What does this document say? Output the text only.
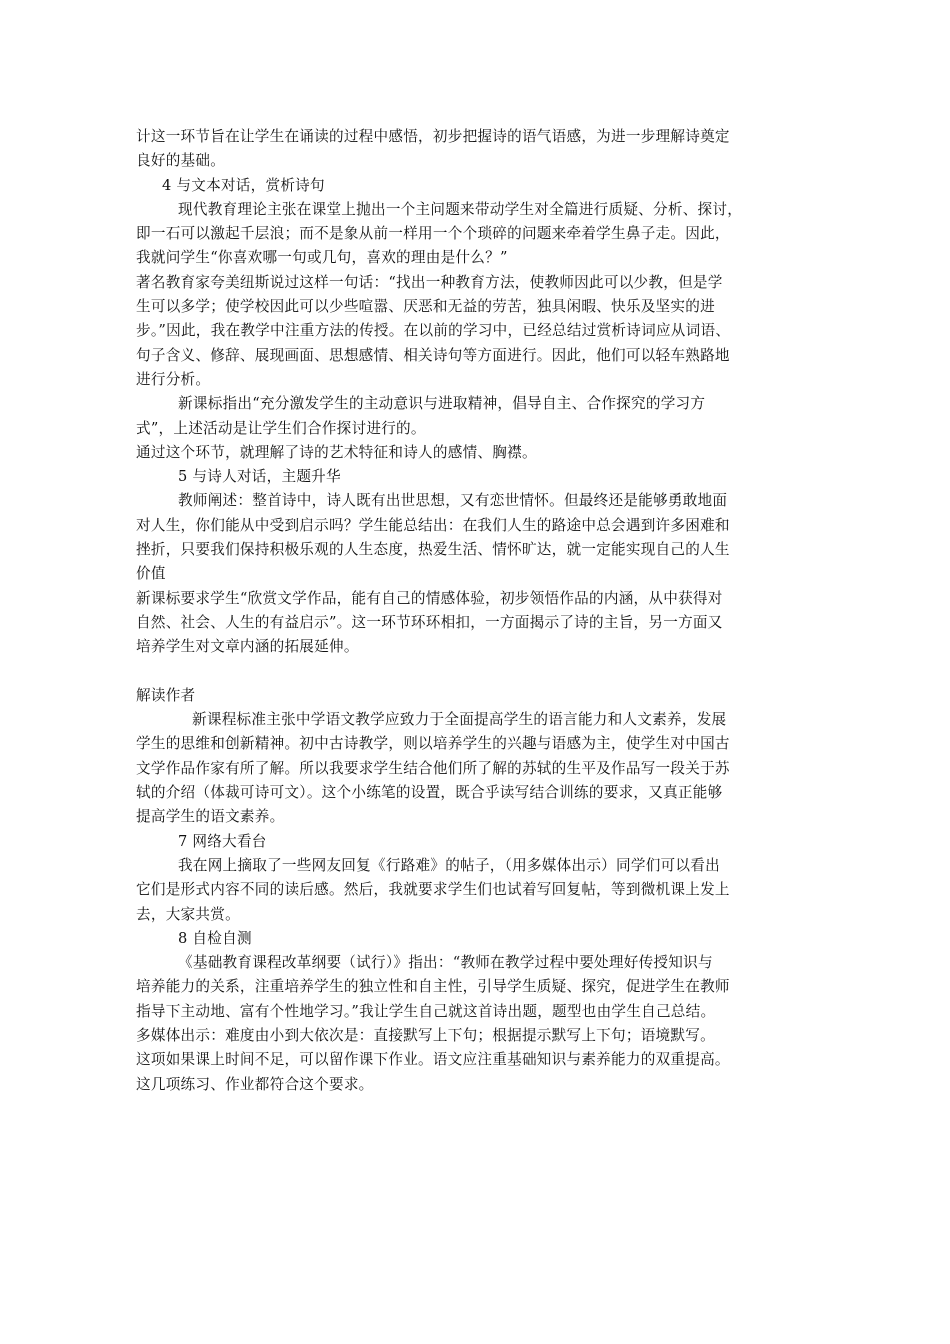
计这一环节旨在让学生在诵读的过程中感悟，初步把握诗的语气语感，为进一步理解诗奠定
良好的基础。
4 与文本对话，赏析诗句
现代教育理论主张在课堂上抛出一个主问题来带动学生对全篇进行质疑、分析、探讨，
即一石可以激起千层浪；而不是象从前一样用一个个琐碎的问题来牵着学生鼻子走。因此，
我就问学生“你喜欢哪一句或几句，喜欢的理由是什么？”
著名教育家夸美纽斯说过这样一句话：“找出一种教育方法，使教师因此可以少教，但是学
生可以多学；使学校因此可以少些喧嚣、厌恶和无益的劳苦，独具闲暇、快乐及坚实的进
步。”因此，我在教学中注重方法的传授。在以前的学习中，已经总结过赏析诗词应从词语、
句子含义、修辞、展现画面、思想感情、相关诗句等方面进行。因此，他们可以轻车熟路地
进行分析。
新课标指出“充分激发学生的主动意识与进取精神，倡导自主、合作探究的学习方
式”，上述活动是让学生们合作探讨进行的。
通过这个环节，就理解了诗的艺术特征和诗人的感情、胸襟。
5 与诗人对话，主题升华
教师阐述：整首诗中，诗人既有出世思想，又有恋世情怀。但最终还是能够勇敢地面
对人生，你们能从中受到启示吗？学生能总结出：在我们人生的路途中总会遇到许多困难和
挫折，只要我们保持积极乐观的人生态度，热爱生活、情怀旷达，就一定能实现自己的人生
价值
新课标要求学生“欣赏文学作品，能有自己的情感体验，初步领悟作品的内涵，从中获得对
自然、社会、人生的有益启示”。这一环节环环相扣，一方面揭示了诗的主旨，另一方面又
培养学生对文章内涵的拓展延伸。
解读作者
新课程标准主张中学语文教学应致力于全面提高学生的语言能力和人文素养，发展
学生的思维和创新精神。初中古诗教学，则以培养学生的兴趣与语感为主，使学生对中国古
文学作品作家有所了解。所以我要求学生结合他们所了解的苏轼的生平及作品写一段关于苏
轼的介绍（体裁可诗可文）。这个小练笔的设置，既合乎读写结合训练的要求，又真正能够
提高学生的语文素养。
7 网络大看台
我在网上摘取了一些网友回复《行路难》的帖子，（用多媒体出示）同学们可以看出
它们是形式内容不同的读后感。然后，我就要求学生们也试着写回复帖，等到微机课上发上
去，大家共赏。
8 自检自测
《基础教育课程改革纲要（试行）》指出：“教师在教学过程中要处理好传授知识与
培养能力的关系，注重培养学生的独立性和自主性，引导学生质疑、探究，促进学生在教师
指导下主动地、富有个性地学习。”我让学生自己就这首诗出题，题型也由学生自己总结。
多媒体出示：难度由小到大依次是：直接默写上下句；根据提示默写上下句；语境默写。
这项如果课上时间不足，可以留作课下作业。语文应注重基础知识与素养能力的双重提高。
这几项练习、作业都符合这个要求。
